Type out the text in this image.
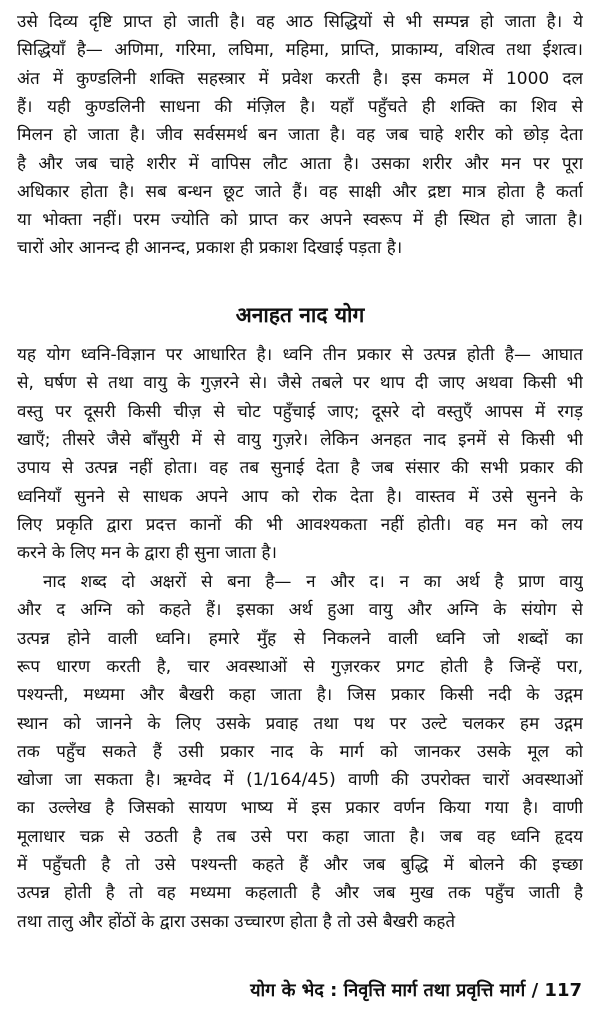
उसे दिव्य दृष्टि प्राप्त हो जाती है। वह आठ सिद्धियों से भी सम्पन्न हो जाता है। ये
सिद्धियाँ है— अणिमा, गरिमा, लघिमा, महिमा, प्राप्ति, प्राकाम्य, वशित्व तथा ईशत्व।
अंत में कुण्डलिनी शक्ति सहस्त्रार में प्रवेश करती है। इस कमल में 1000 दल
हैं। यही कुण्डलिनी साधना की मंज़िल है। यहाँ पहुँचते ही शक्ति का शिव से
मिलन हो जाता है। जीव सर्वसमर्थ बन जाता है। वह जब चाहे शरीर को छोड़ देता
है और जब चाहे शरीर में वापिस लौट आता है। उसका शरीर और मन पर पूरा
अधिकार होता है। सब बन्धन छूट जाते हैं। वह साक्षी और द्रष्टा मात्र होता है कर्ता
या भोक्ता नहीं। परम ज्योति को प्राप्त कर अपने स्वरूप में ही स्थित हो जाता है।
चारों ओर आनन्द ही आनन्द, प्रकाश ही प्रकाश दिखाई पड़ता है।
अनाहत नाद योग
यह योग ध्वनि-विज्ञान पर आधारित है। ध्वनि तीन प्रकार से उत्पन्न होती है— आघात
से, घर्षण से तथा वायु के गुज़रने से। जैसे तबले पर थाप दी जाए अथवा किसी भी
वस्तु पर दूसरी किसी चीज़ से चोट पहुँचाई जाए; दूसरे दो वस्तुएँ आपस में रगड़
खाएँ; तीसरे जैसे बाँसुरी में से वायु गुज़रे। लेकिन अनहत नाद इनमें से किसी भी
उपाय से उत्पन्न नहीं होता। वह तब सुनाई देता है जब संसार की सभी प्रकार की
ध्वनियाँ सुनने से साधक अपने आप को रोक देता है। वास्तव में उसे सुनने के
लिए प्रकृति द्वारा प्रदत्त कानों की भी आवश्यकता नहीं होती। वह मन को लय
करने के लिए मन के द्वारा ही सुना जाता है।
नाद शब्द दो अक्षरों से बना है— न और द। न का अर्थ है प्राण वायु
और द अग्नि को कहते हैं। इसका अर्थ हुआ वायु और अग्नि के संयोग से
उत्पन्न होने वाली ध्वनि। हमारे मुँह से निकलने वाली ध्वनि जो शब्दों का
रूप धारण करती है, चार अवस्थाओं से गुज़रकर प्रगट होती है जिन्हें परा,
पश्यन्ती, मध्यमा और बैखरी कहा जाता है। जिस प्रकार किसी नदी के उद्गम
स्थान को जानने के लिए उसके प्रवाह तथा पथ पर उल्टे चलकर हम उद्गम
तक पहुँच सकते हैं उसी प्रकार नाद के मार्ग को जानकर उसके मूल को
खोजा जा सकता है। ऋग्वेद में (1/164/45) वाणी की उपरोक्त चारों अवस्थाओं
का उल्लेख है जिसको सायण भाष्य में इस प्रकार वर्णन किया गया है। वाणी
मूलाधार चक्र से उठती है तब उसे परा कहा जाता है। जब वह ध्वनि हृदय
में पहुँचती है तो उसे पश्यन्ती कहते हैं और जब बुद्धि में बोलने की इच्छा
उत्पन्न होती है तो वह मध्यमा कहलाती है और जब मुख तक पहुँच जाती है
तथा तालु और होंठों के द्वारा उसका उच्चारण होता है तो उसे बैखरी कहते
योग के भेद : निवृत्ति मार्ग तथा प्रवृत्ति मार्ग / 117
